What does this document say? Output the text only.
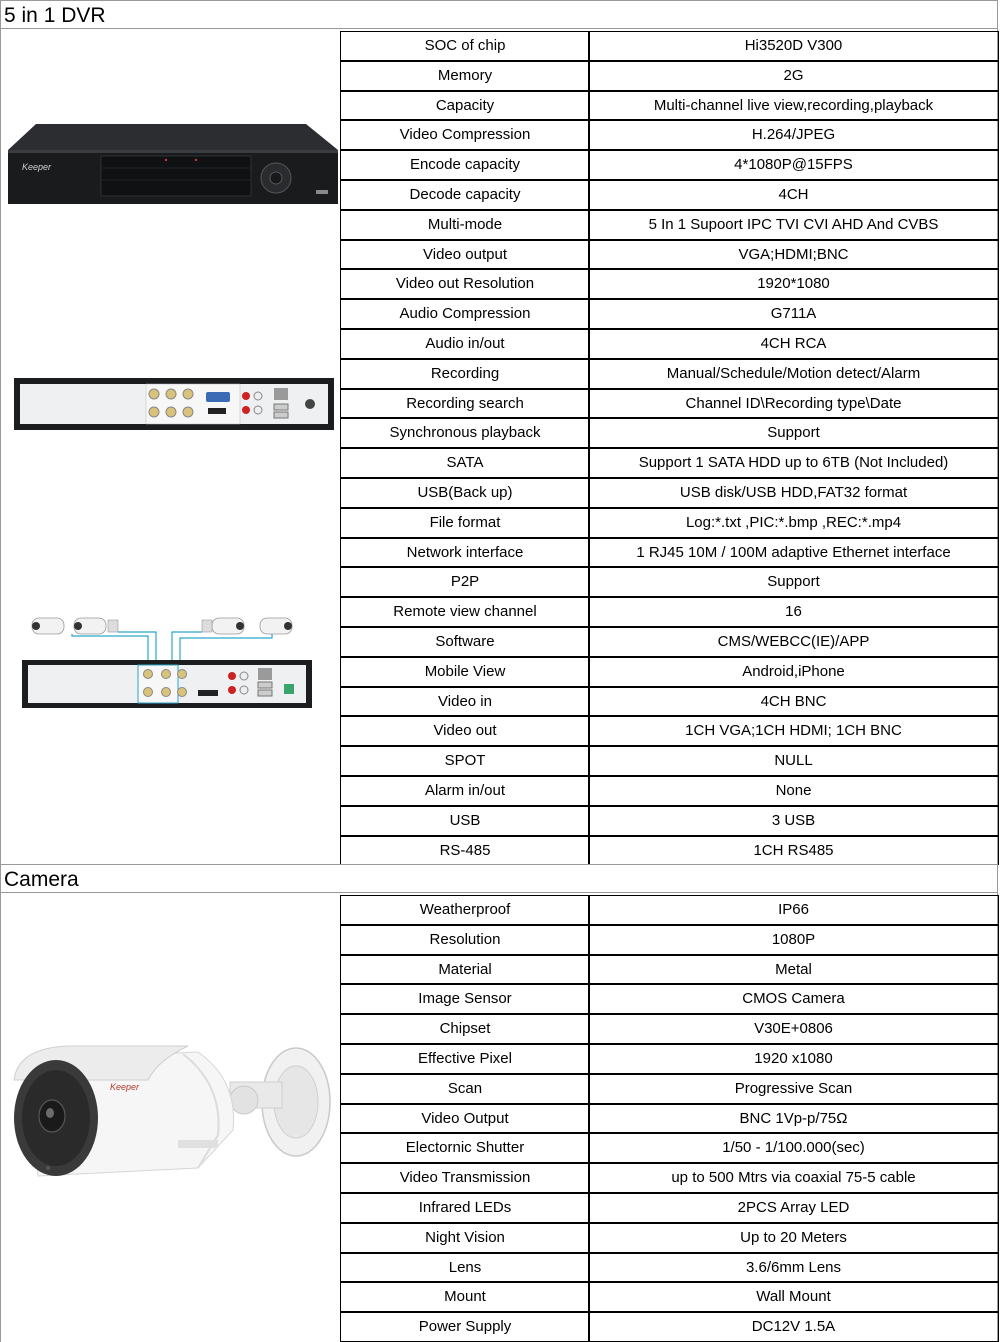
5 in 1 DVR
Keeper
SOC of chip	Hi3520D V300
Memory	2G
Capacity	Multi-channel live view,recording,playback
Video Compression	H.264/JPEG
Encode capacity	4*1080P@15FPS
Decode capacity	4CH
Multi-mode	5 In 1 Supoort IPC TVI CVI AHD And CVBS
Video output	VGA;HDMI;BNC
Video out Resolution	1920*1080
Audio Compression	G711A
Audio in/out	4CH RCA
Recording	Manual/Schedule/Motion detect/Alarm
Recording search	Channel ID\Recording type\Date
Synchronous playback	Support
SATA	Support 1 SATA HDD up to 6TB (Not Included)
USB(Back up)	USB disk/USB HDD,FAT32 format
File format	Log:*.txt ,PIC:*.bmp ,REC:*.mp4
Network interface	1 RJ45 10M / 100M adaptive Ethernet interface
P2P	Support
Remote view channel	16
Software	CMS/WEBCC(IE)/APP
Mobile View	Android,iPhone
Video in	4CH BNC
Video out	1CH VGA;1CH HDMI; 1CH BNC
SPOT	NULL
Alarm in/out	None
USB	3 USB
RS-485	1CH RS485
Camera
Keeper
Weatherproof	IP66
Resolution	1080P
Material	Metal
Image Sensor	CMOS Camera
Chipset	V30E+0806
Effective Pixel	1920 x1080
Scan	Progressive Scan
Video Output	BNC 1Vp-p/75Ω
Electornic Shutter	1/50 - 1/100.000(sec)
Video Transmission	up to 500 Mtrs via coaxial 75-5 cable
Infrared LEDs	2PCS Array LED
Night Vision	Up to 20 Meters
Lens	3.6/6mm Lens
Mount	Wall Mount
Power Supply	DC12V 1.5A
